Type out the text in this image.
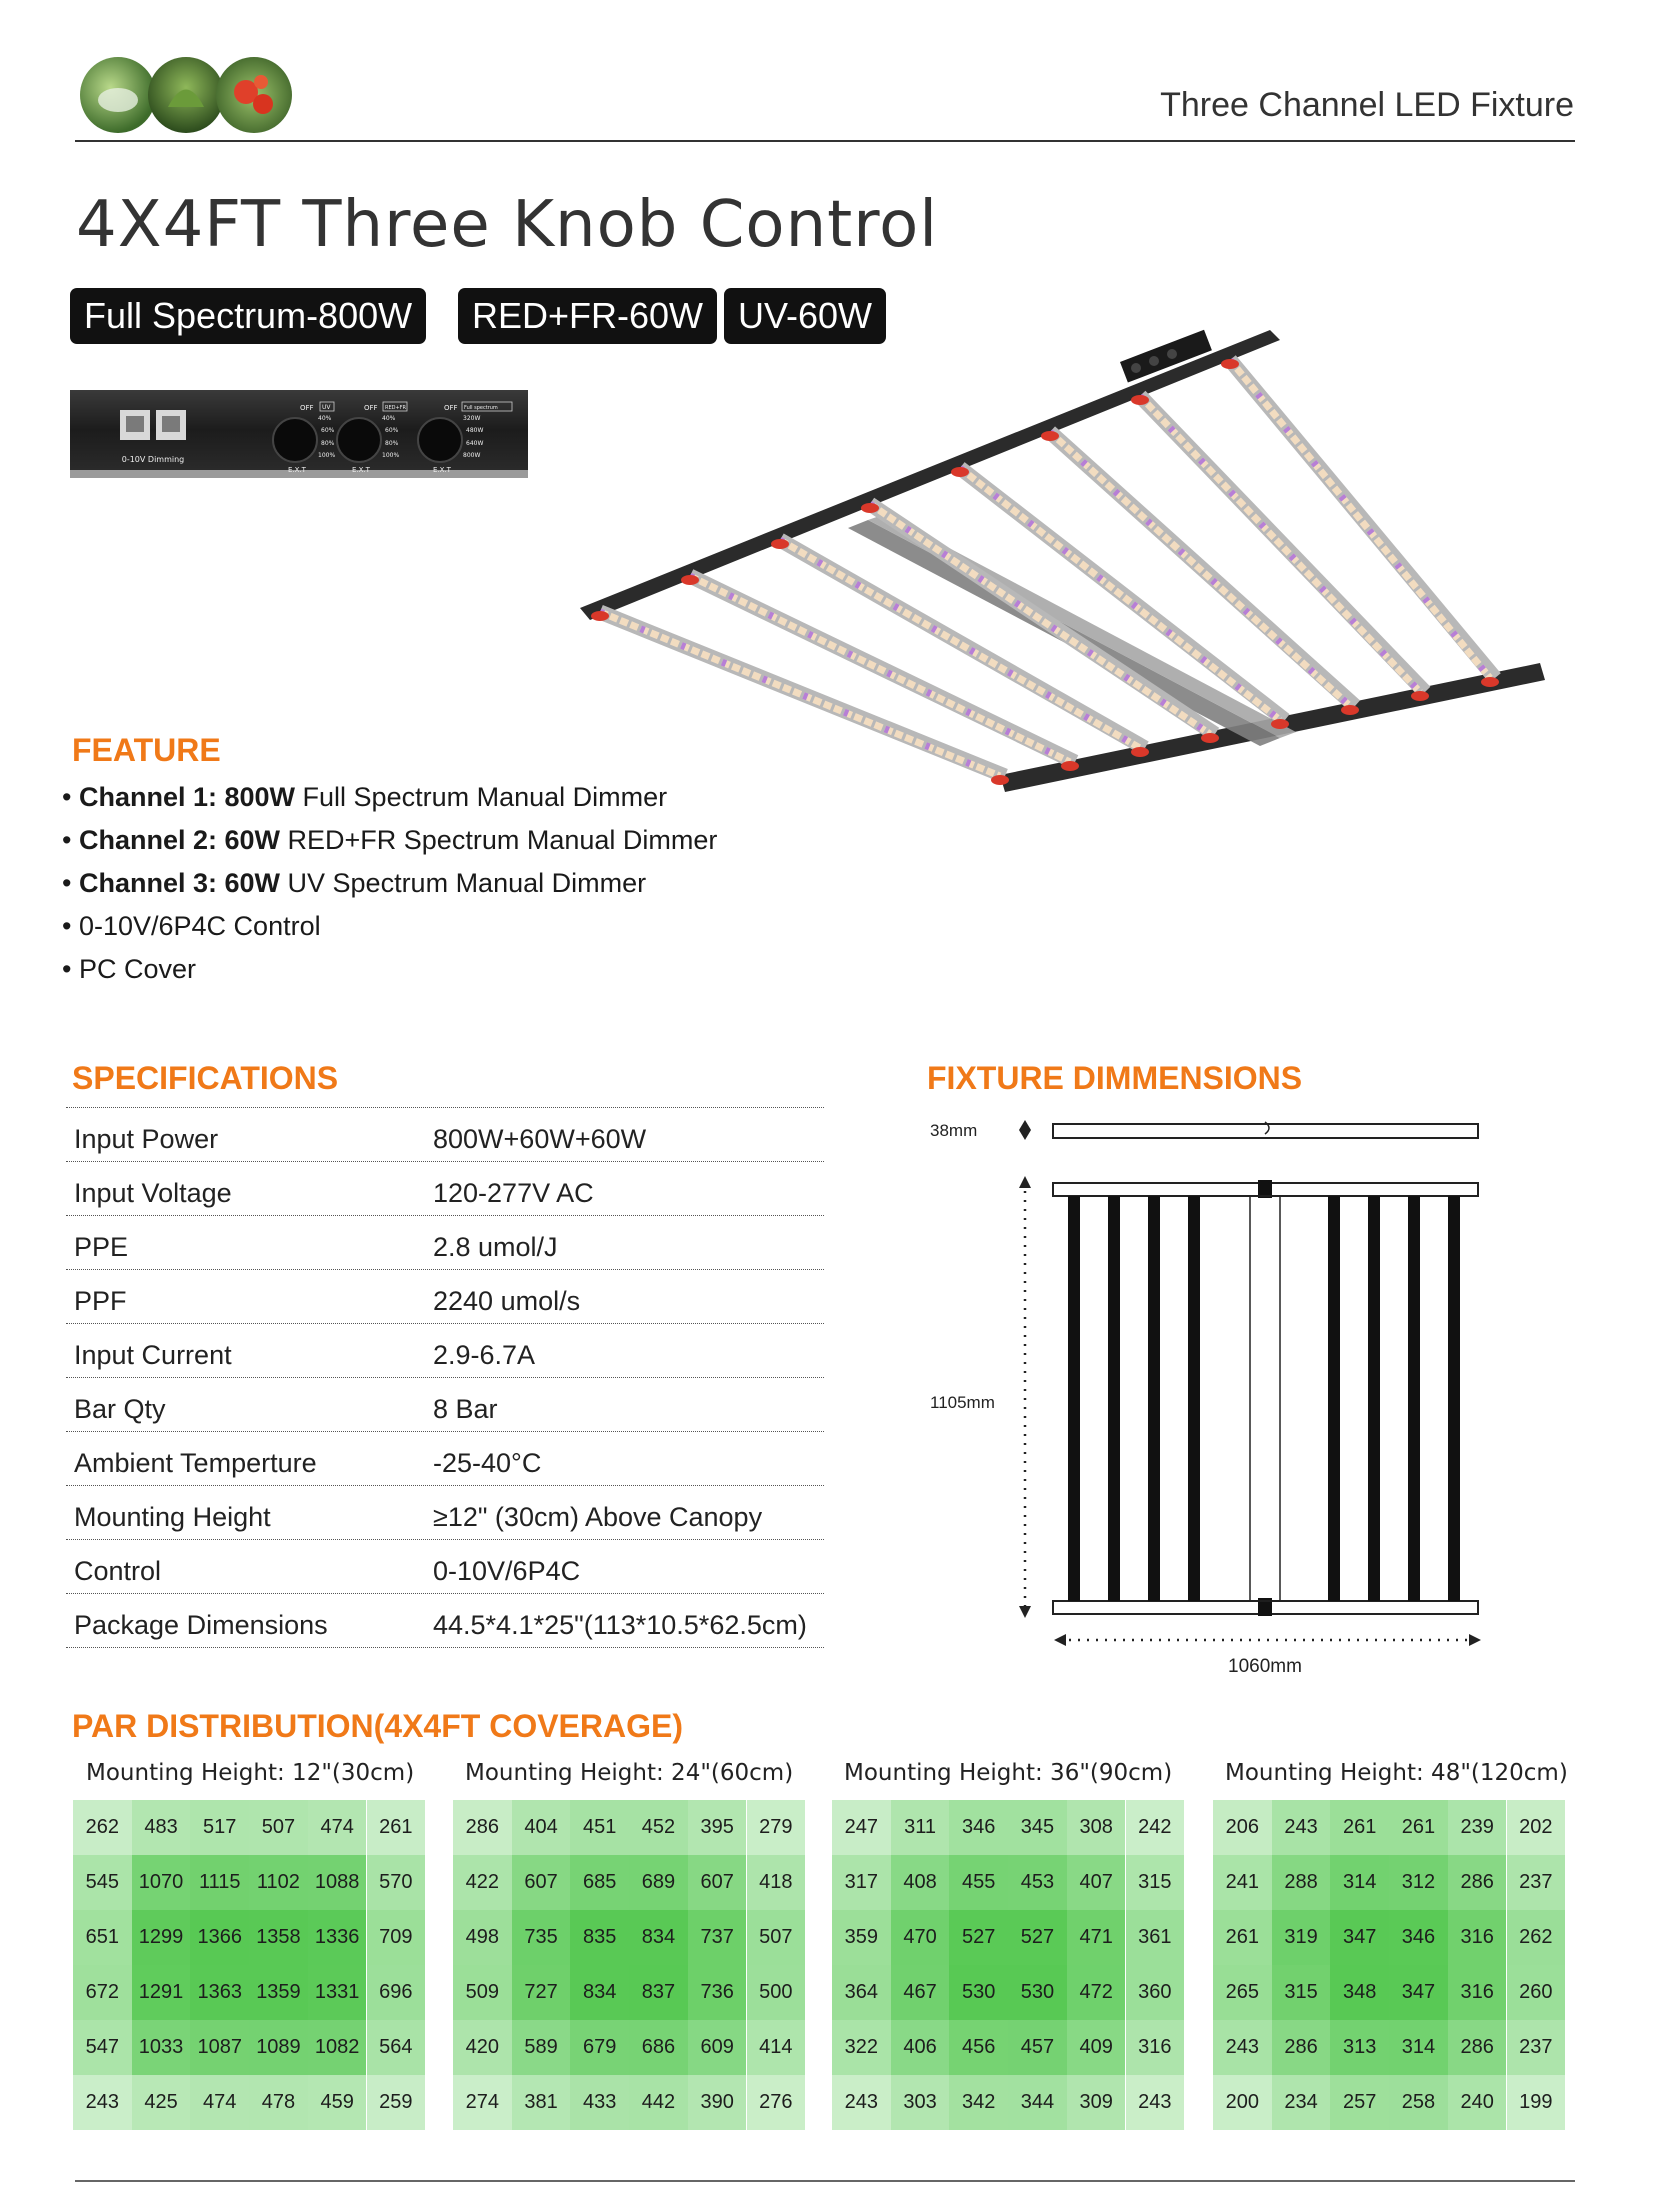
Three Channel LED Fixture
4X4FT Three Knob Control
Full Spectrum-800W	RED+FR-60W UV-60W
0-10V Dimming
OFF UV
40%
60%
80%
100%
E.X.T
OFF RED+FR
40%
60%
80%
100%
E.X.T
OFF Full spectrum
320W
480W
640W
800W
E.X.T
FEATURE
• Channel 1: 800W Full Spectrum Manual Dimmer
• Channel 2: 60W RED+FR Spectrum Manual Dimmer
• Channel 3: 60W UV Spectrum Manual Dimmer
• 0-10V/6P4C Control
• PC Cover
SPECIFICATIONS
Input Power	800W+60W+60W
Input Voltage	120-277V AC
PPE	2.8 umol/J
PPF	2240 umol/s
Input Current	2.9-6.7A
Bar Qty	8 Bar
Ambient Temperture	-25-40°C
Mounting Height	≥12" (30cm) Above Canopy
Control	0-10V/6P4C
Package Dimensions	44.5*4.1*25"(113*10.5*62.5cm)
FIXTURE DIMMENSIONS
38mm
1105mm
1060mm
PAR DISTRIBUTION(4X4FT COVERAGE)
Mounting Height: 12"(30cm) Mounting Height: 24"(60cm) Mounting Height: 36"(90cm) Mounting Height: 48"(120cm)
262	483	517	507	474	261
545 1070 1115 1102 1088 570
651 1299 1366 1358 1336 709
672 1291 1363 1359 1331 696
547 1033 1087 1089 1082 564
243	425	474	478	459	259
286	404	451	452	395	279
422	607	685	689	607	418
498	735	835	834	737	507
509	727	834	837	736	500
420	589	679	686	609	414
274	381	433	442	390	276
247	311	346	345	308	242
317	408	455	453	407	315
359	470	527	527	471	361
364	467	530	530	472	360
322	406	456	457	409	316
243	303	342	344	309	243
206	243	261	261	239	202
241	288	314	312	286	237
261	319	347	346	316	262
265	315	348	347	316	260
243	286	313	314	286	237
200	234	257	258	240	199
